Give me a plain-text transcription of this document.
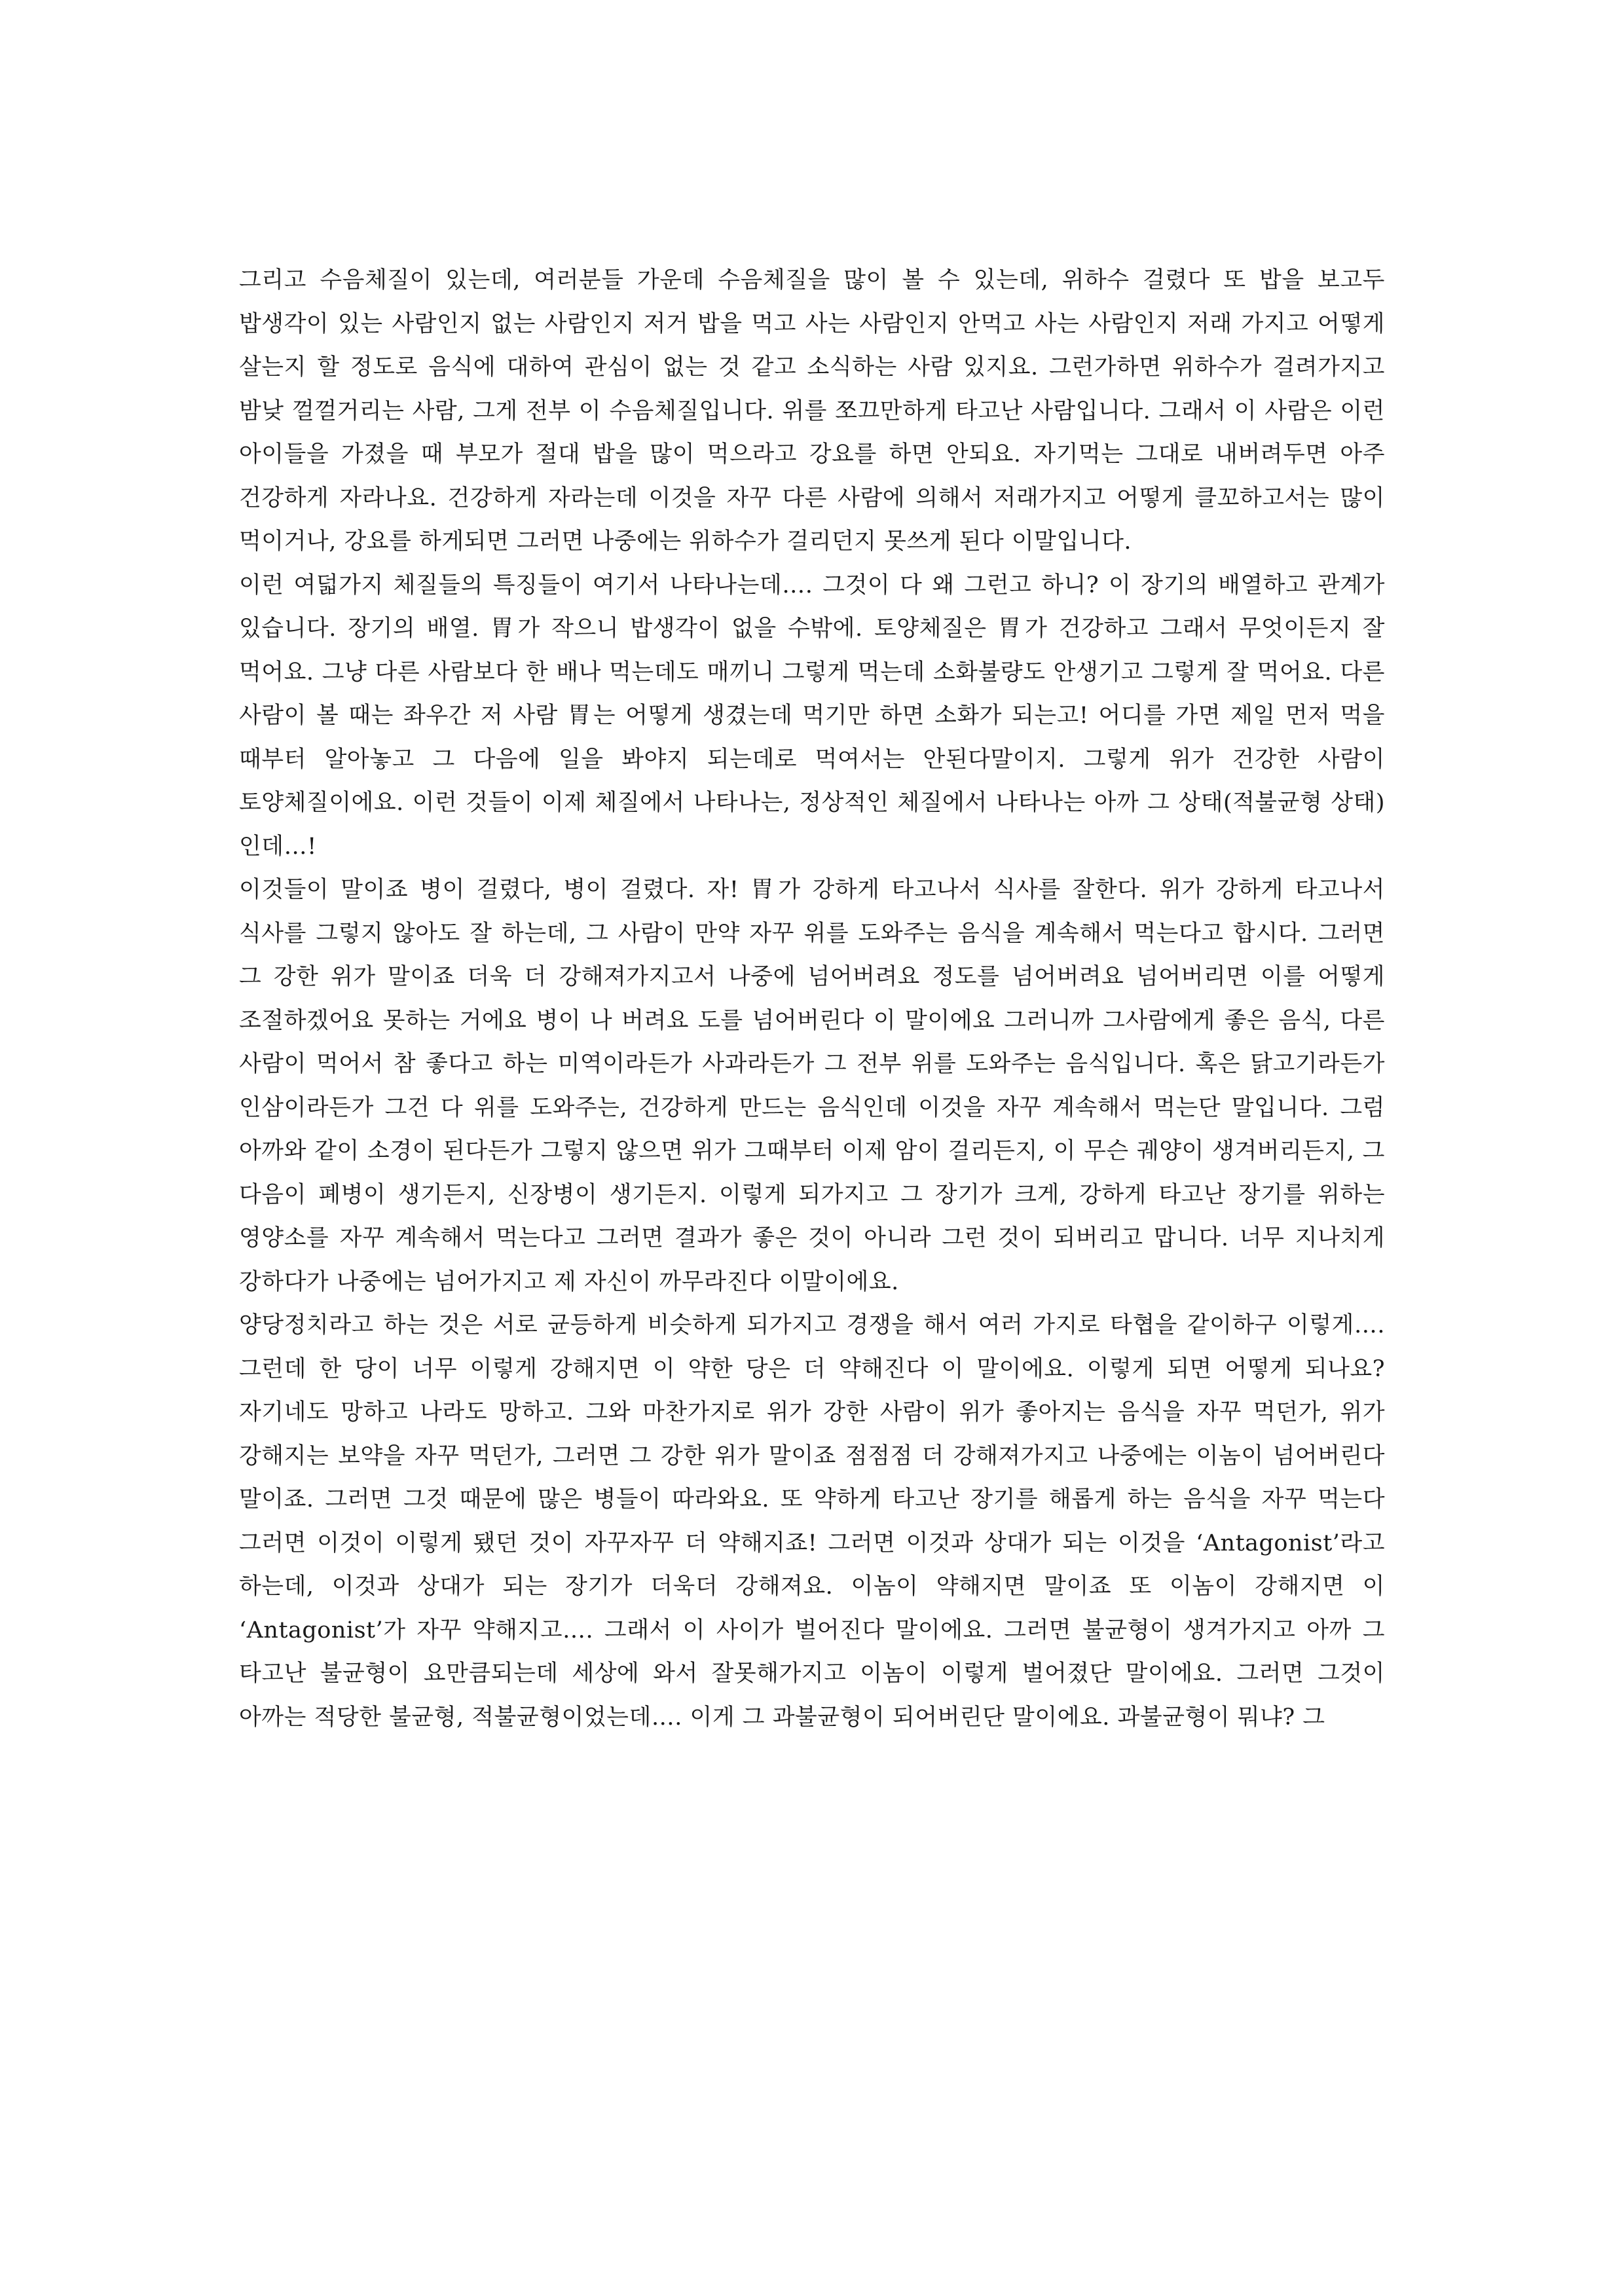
그리고 수음체질이 있는데, 여러분들 가운데 수음체질을 많이 볼 수 있는데, 위하수 걸렸다 또 밥을 보고두 밥생각이 있는 사람인지 없는 사람인지 저거 밥을 먹고 사는 사람인지 안먹고 사는 사람인지 저래 가지고 어떻게 살는지 할 정도로 음식에 대하여 관심이 없는 것 같고 소식하는 사람 있지요. 그런가하면 위하수가 걸려가지고 밤낮 껄껄거리는 사람, 그게 전부 이 수음체질입니다. 위를 쪼끄만하게 타고난 사람입니다. 그래서 이 사람은 이런 아이들을 가졌을 때 부모가 절대 밥을 많이 먹으라고 강요를 하면 안되요. 자기먹는 그대로 내버려두면 아주 건강하게 자라나요. 건강하게 자라는데 이것을 자꾸 다른 사람에 의해서 저래가지고 어떻게 클꼬하고서는 많이 먹이거나, 강요를 하게되면 그러면 나중에는 위하수가 걸리던지 못쓰게 된다 이말입니다.

이런 여덟가지 체질들의 특징들이 여기서 나타나는데…. 그것이 다 왜 그런고 하니? 이 장기의 배열하고 관계가 있습니다. 장기의 배열. 胃가 작으니 밥생각이 없을 수밖에. 토양체질은 胃가 건강하고 그래서 무엇이든지 잘 먹어요. 그냥 다른 사람보다 한 배나 먹는데도 매끼니 그렇게 먹는데 소화불량도 안생기고 그렇게 잘 먹어요. 다른 사람이 볼 때는 좌우간 저 사람 胃는 어떻게 생겼는데 먹기만 하면 소화가 되는고! 어디를 가면 제일 먼저 먹을 때부터 알아놓고 그 다음에 일을 봐야지 되는데로 먹여서는 안된다말이지. 그렇게 위가 건강한 사람이 토양체질이에요. 이런 것들이 이제 체질에서 나타나는, 정상적인 체질에서 나타나는 아까 그 상태(적불균형 상태)인데…!

이것들이 말이죠 병이 걸렸다, 병이 걸렸다. 자! 胃가 강하게 타고나서 식사를 잘한다. 위가 강하게 타고나서 식사를 그렇지 않아도 잘 하는데, 그 사람이 만약 자꾸 위를 도와주는 음식을 계속해서 먹는다고 합시다. 그러면 그 강한 위가 말이죠 더욱 더 강해져가지고서 나중에 넘어버려요 정도를 넘어버려요 넘어버리면 이를 어떻게 조절하겠어요 못하는 거에요 병이 나 버려요 도를 넘어버린다 이 말이에요 그러니까 그사람에게 좋은 음식, 다른 사람이 먹어서 참 좋다고 하는 미역이라든가 사과라든가 그 전부 위를 도와주는 음식입니다. 혹은 닭고기라든가 인삼이라든가 그건 다 위를 도와주는, 건강하게 만드는 음식인데 이것을 자꾸 계속해서 먹는단 말입니다. 그럼 아까와 같이 소경이 된다든가 그렇지 않으면 위가 그때부터 이제 암이 걸리든지, 이 무슨 궤양이 생겨버리든지, 그 다음이 폐병이 생기든지, 신장병이 생기든지. 이렇게 되가지고 그 장기가 크게, 강하게 타고난 장기를 위하는 영양소를 자꾸 계속해서 먹는다고 그러면 결과가 좋은 것이 아니라 그런 것이 되버리고 맙니다. 너무 지나치게 강하다가 나중에는 넘어가지고 제 자신이 까무라진다 이말이에요.

양당정치라고 하는 것은 서로 균등하게 비슷하게 되가지고 경쟁을 해서 여러 가지로 타협을 같이하구 이렇게…. 그런데 한 당이 너무 이렇게 강해지면 이 약한 당은 더 약해진다 이 말이에요. 이렇게 되면 어떻게 되나요? 자기네도 망하고 나라도 망하고. 그와 마찬가지로 위가 강한 사람이 위가 좋아지는 음식을 자꾸 먹던가, 위가 강해지는 보약을 자꾸 먹던가, 그러면 그 강한 위가 말이죠 점점점 더 강해져가지고 나중에는 이놈이 넘어버린다 말이죠. 그러면 그것 때문에 많은 병들이 따라와요. 또 약하게 타고난 장기를 해롭게 하는 음식을 자꾸 먹는다 그러면 이것이 이렇게 됐던 것이 자꾸자꾸 더 약해지죠! 그러면 이것과 상대가 되는 이것을 ‘Antagonist’라고 하는데, 이것과 상대가 되는 장기가 더욱더 강해져요. 이놈이 약해지면 말이죠 또 이놈이 강해지면 이 ‘Antagonist’가 자꾸 약해지고…. 그래서 이 사이가 벌어진다 말이에요. 그러면 불균형이 생겨가지고 아까 그 타고난 불균형이 요만큼되는데 세상에 와서 잘못해가지고 이놈이 이렇게 벌어졌단 말이에요. 그러면 그것이 아까는 적당한 불균형, 적불균형이었는데…. 이게 그 과불균형이 되어버린단 말이에요. 과불균형이 뭐냐? 그
